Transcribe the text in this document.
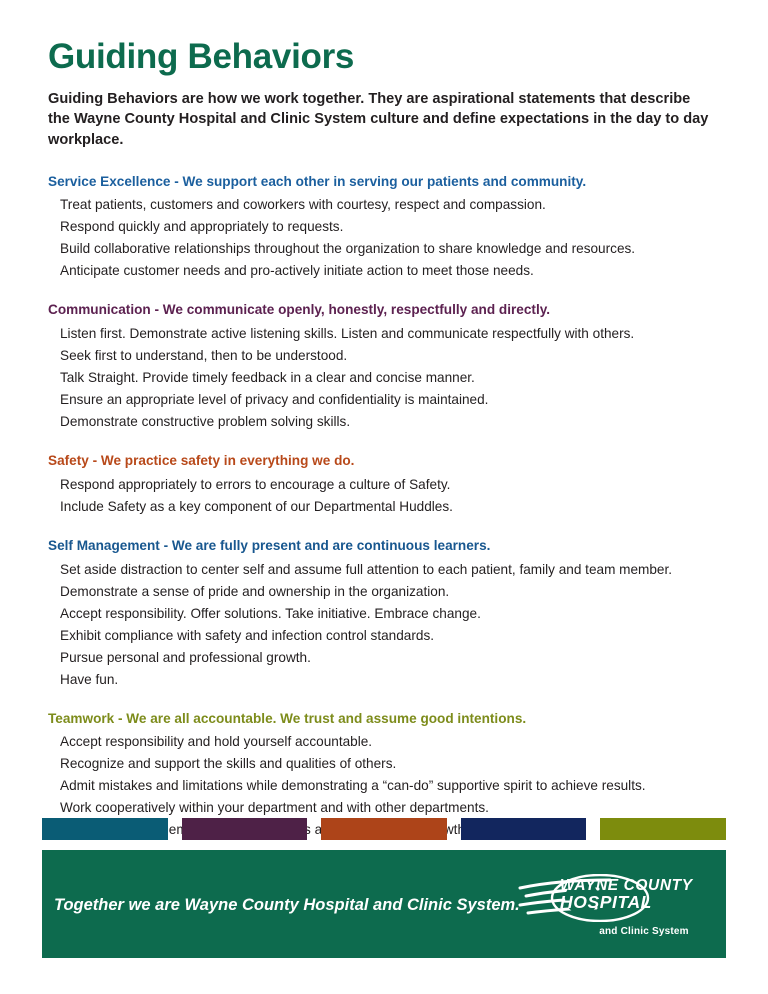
Guiding Behaviors

Guiding Behaviors are how we work together. They are aspirational statements that describe the Wayne County Hospital and Clinic System culture and define expectations in the day to day workplace.

Service Excellence - We support each other in serving our patients and community.
Treat patients, customers and coworkers with courtesy, respect and compassion.
Respond quickly and appropriately to requests.
Build collaborative relationships throughout the organization to share knowledge and resources.
Anticipate customer needs and pro-actively initiate action to meet those needs.
Communication - We communicate openly, honestly, respectfully and directly.
Listen first. Demonstrate active listening skills. Listen and communicate respectfully with others.
Seek first to understand, then to be understood.
Talk Straight. Provide timely feedback in a clear and concise manner.
Ensure an appropriate level of privacy and confidentiality is maintained.
Demonstrate constructive problem solving skills.
Safety - We practice safety in everything we do.
Respond appropriately to errors to encourage a culture of Safety.
Include Safety as a key component of our Departmental Huddles.
Self Management - We are fully present and are continuous learners.
Set aside distraction to center self and assume full attention to each patient, family and team member.
Demonstrate a sense of pride and ownership in the organization.
Accept responsibility. Offer solutions. Take initiative. Embrace change.
Exhibit compliance with safety and infection control standards.
Pursue personal and professional growth.
Have fun.
Teamwork - We are all accountable. We trust and assume good intentions.
Accept responsibility and hold yourself accountable.
Recognize and support the skills and qualities of others.
Admit mistakes and limitations while demonstrating a “can-do” supportive spirit to achieve results.
Work cooperatively within your department and with other departments.
Together we are Wayne County Hospital and Clinic System.
WAYNE COUNTY
HOSPITAL
and Clinic System
